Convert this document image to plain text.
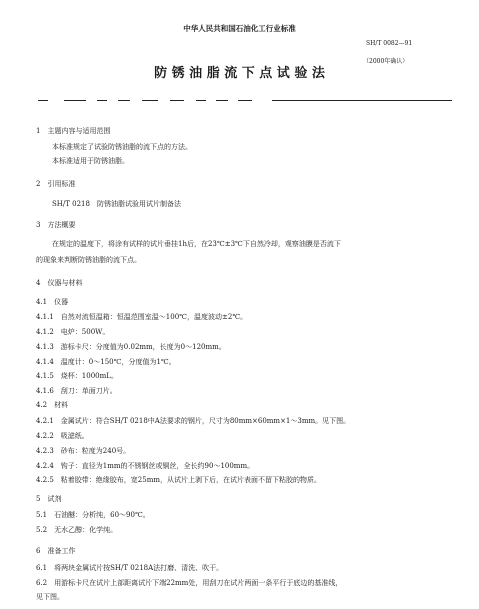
中华人民共和国石油化工行业标准
SH/T 0082—91
（2000年确认）
防 锈 油 脂 流 下 点 试 验 法
1　主题内容与适用范围
本标准规定了试验防锈油脂的流下点的方法。
本标准适用于防锈油脂。
2　引用标准
SH/T 0218　防锈油脂试验用试片制备法
3　方法概要
在规定的温度下，将涂有试样的试片垂挂1h后，在23℃±3℃下自然冷却，观察油膜是否流下
的现象来判断防锈油脂的流下点。
4　仪器与材料
4.1　仪器
4.1.1　自然对流恒温箱：恒温范围室温～100℃，温度波动±2℃。
4.1.2　电炉：500W。
4.1.3　游标卡尺：分度值为0.02mm，长度为0～120mm。
4.1.4　温度计：0～150℃，分度值为1℃。
4.1.5　烧杯：1000mL。
4.1.6　刮刀：单面刀片。
4.2　材料
4.2.1　金属试片：符合SH/T 0218中A法要求的钢片，尺寸为80mm×60mm×1～3mm。见下图。
4.2.2　吸滤纸。
4.2.3　砂布：粒度为240号。
4.2.4　钩子：直径为1mm的不锈钢丝或铜丝，全长约90～100mm。
4.2.5　粘着胶带：绝缘胶布，宽25mm，从试片上剥下后，在试片表面不留下粘胶的物质。
5　试剂
5.1　石油醚：分析纯，60～90℃。
5.2　无水乙醇：化学纯。
6　准备工作
6.1　将两块金属试片按SH/T 0218A法打磨、清洗、吹干。
6.2　用游标卡尺在试片上部距离试片下端22mm处，用刮刀在试片两面一条平行于底边的基准线，
见下图。
